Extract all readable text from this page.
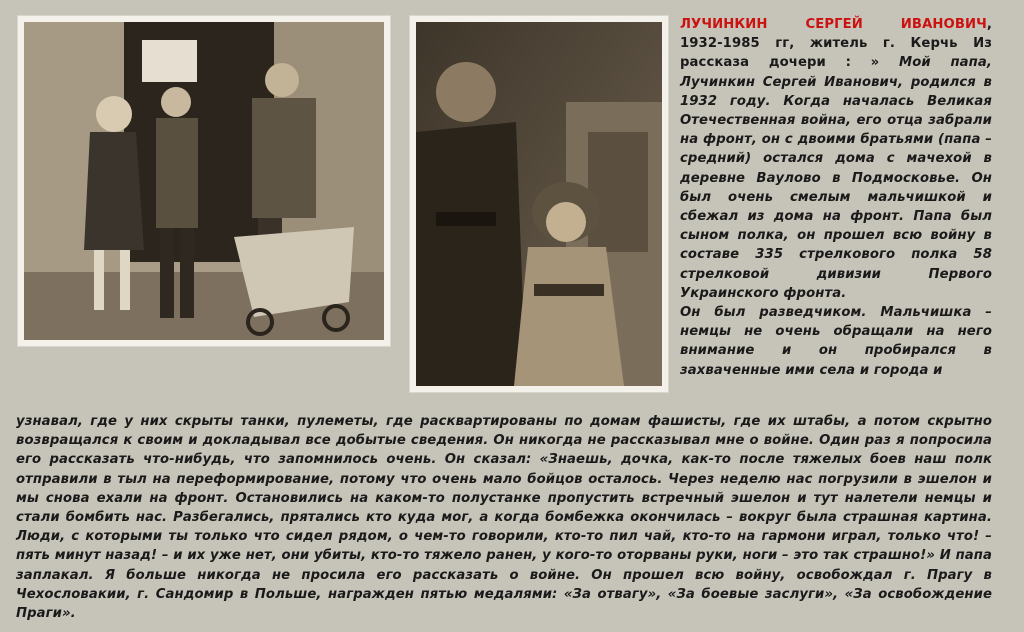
ЛУЧИНКИН СЕРГЕЙ ИВАНОВИЧ,

1932-1985 гг, житель г. Керчь Из рассказа дочери : » Мой папа, Лучинкин Сергей Иванович, родился в 1932 году. Когда началась Великая Отечественная война, его отца забрали на фронт, он с двоими братьями (папа – средний) остался дома с мачехой в деревне Ваулово в Подмосковье. Он был очень смелым мальчишкой и сбежал из дома на фронт. Папа был сыном полка, он прошел всю войну в составе 335 стрелкового полка 58 стрелковой дивизии Первого Украинского фронта.

Он был разведчиком. Мальчишка – немцы не очень обращали на него внимание и он пробирался в захваченные ими села и города и

узнавал, где у них скрыты танки, пулеметы, где расквартированы по домам фашисты, где их штабы, а потом скрытно возвращался к своим и докладывал все добытые сведения. Он никогда не рассказывал мне о войне. Один раз я попросила его рассказать что-нибудь, что запомнилось очень. Он сказал: «Знаешь, дочка, как-то после тяжелых боев наш полк отправили в тыл на переформирование, потому что очень мало бойцов осталось. Через неделю нас погрузили в эшелон и мы снова ехали на фронт. Остановились на каком-то полустанке пропустить встречный эшелон и тут налетели немцы и стали бомбить нас. Разбегались, прятались кто куда мог, а когда бомбежка окончилась – вокруг была страшная картина. Люди, с которыми ты только что сидел рядом, о чем-то говорили, кто-то пил чай, кто-то на гармони играл, только что! – пять минут назад! – и их уже нет, они убиты, кто-то тяжело ранен, у кого-то оторваны руки, ноги – это так страшно!» И папа заплакал. Я больше никогда не просила его рассказать о войне. Он прошел всю войну, освобождал г. Прагу в Чехословакии, г. Сандомир в Польше, награжден пятью медалями: «За отвагу», «За боевые заслуги», «За освобождение Праги».
